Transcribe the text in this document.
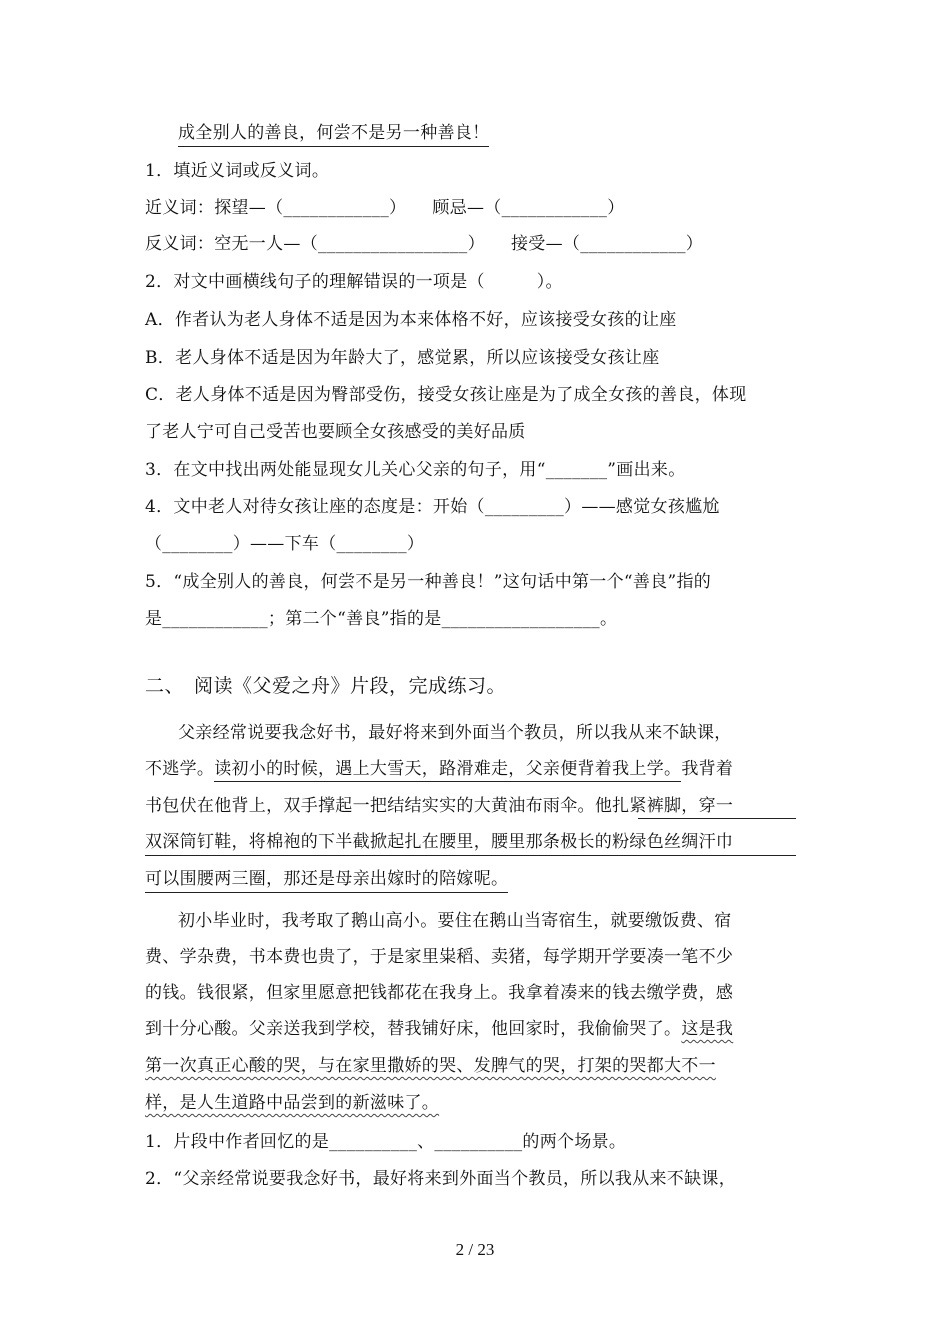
成全别人的善良，何尝不是另一种善良！
1．填近义词或反义词。
近义词：探望—（____________）　　顾忌—（____________）
反义词：空无一人—（_________________）　　接受—（____________）
2．对文中画横线句子的理解错误的一项是（　　　）。
A．作者认为老人身体不适是因为本来体格不好，应该接受女孩的让座
B．老人身体不适是因为年龄大了，感觉累，所以应该接受女孩让座
C．老人身体不适是因为臀部受伤，接受女孩让座是为了成全女孩的善良，体现
了老人宁可自己受苦也要顾全女孩感受的美好品质
3．在文中找出两处能显现女儿关心父亲的句子，用“_______”画出来。
4．文中老人对待女孩让座的态度是：开始（_________）——感觉女孩尴尬
（________）——下车（________）
5．“成全别人的善良，何尝不是另一种善良！”这句话中第一个“善良”指的
是____________；第二个“善良”指的是__________________。
二、　阅读《父爱之舟》片段，完成练习。
父亲经常说要我念好书，最好将来到外面当个教员，所以我从来不缺课，
不逃学。读初小的时候，遇上大雪天，路滑难走，父亲便背着我上学。我背着
书包伏在他背上，双手撑起一把结结实实的大黄油布雨伞。他扎紧裤脚，穿一
双深筒钉鞋，将棉袍的下半截掀起扎在腰里，腰里那条极长的粉绿色丝绸汗巾
可以围腰两三圈，那还是母亲出嫁时的陪嫁呢。
初小毕业时，我考取了鹅山高小。要住在鹅山当寄宿生，就要缴饭费、宿
费、学杂费，书本费也贵了，于是家里粜稻、卖猪，每学期开学要凑一笔不少
的钱。钱很紧，但家里愿意把钱都花在我身上。我拿着凑来的钱去缴学费，感
到十分心酸。父亲送我到学校，替我铺好床，他回家时，我偷偷哭了。这是我
第一次真正心酸的哭，与在家里撒娇的哭、发脾气的哭，打架的哭都大不一
样，是人生道路中品尝到的新滋味了。
1．片段中作者回忆的是__________、__________的两个场景。
2．“父亲经常说要我念好书，最好将来到外面当个教员，所以我从来不缺课，
2 / 23
